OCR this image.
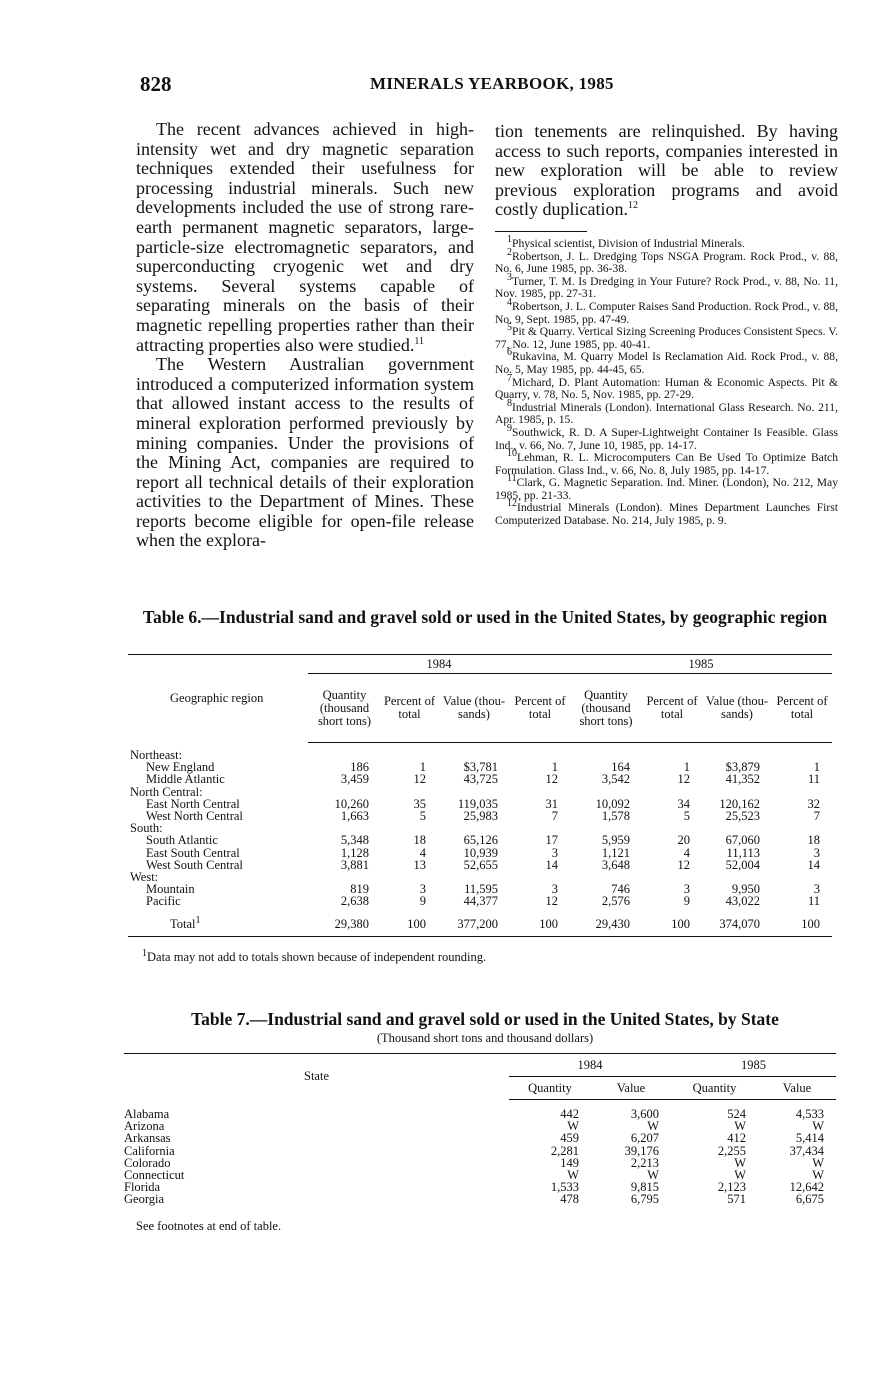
828	MINERALS YEARBOOK, 1985

The recent advances achieved in high-intensity wet and dry magnetic separation techniques extended their usefulness for processing industrial minerals. Such new developments included the use of strong rare-earth permanent magnetic separators, large-particle-size electromagnetic separators, and superconducting cryogenic wet and dry systems. Several systems capable of separating minerals on the basis of their magnetic repelling properties rather than their attracting properties also were studied.$^{11}$

The Western Australian government introduced a computerized information system that allowed instant access to the results of mineral exploration performed previously by mining companies. Under the provisions of the Mining Act, companies are required to report all technical details of their exploration activities to the Department of Mines. These reports become eligible for open-file release when the explora-

tion tenements are relinquished. By having access to such reports, companies interested in new exploration will be able to review previous exploration programs and avoid costly duplication.$^{12}$

$^1$Physical scientist, Division of Industrial Minerals.

$^2$Robertson, J. L. Dredging Tops NSGA Program. Rock Prod., v. 88, No. 6, June 1985, pp. 36-38.

$^3$Turner, T. M. Is Dredging in Your Future? Rock Prod., v. 88, No. 11, Nov. 1985, pp. 27-31.

$^4$Robertson, J. L. Computer Raises Sand Production. Rock Prod., v. 88, No. 9, Sept. 1985, pp. 47-49.

$^5$Pit & Quarry. Vertical Sizing Screening Produces Consistent Specs. V. 77, No. 12, June 1985, pp. 40-41.

$^6$Rukavina, M. Quarry Model Is Reclamation Aid. Rock Prod., v. 88, No. 5, May 1985, pp. 44-45, 65.

$^7$Michard, D. Plant Automation: Human & Economic Aspects. Pit & Quarry, v. 78, No. 5, Nov. 1985, pp. 27-29.

$^8$Industrial Minerals (London). International Glass Research. No. 211, Apr. 1985, p. 15.

$^9$Southwick, R. D. A Super-Lightweight Container Is Feasible. Glass Ind., v. 66, No. 7, June 10, 1985, pp. 14-17.

$^{10}$Lehman, R. L. Microcomputers Can Be Used To Optimize Batch Formulation. Glass Ind., v. 66, No. 8, July 1985, pp. 14-17.

$^{11}$Clark, G. Magnetic Separation. Ind. Miner. (London), No. 212, May 1985, pp. 21-33.

$^{12}$Industrial Minerals (London). Mines Department Launches First Computerized Database. No. 214, July 1985, p. 9.

Table 6.—Industrial sand and gravel sold or used in the United States, by geographic region
Geographic region	1984				1985			
	Quantity (thousand short tons)	Percent of total	Value (thou- sands)	Percent of total	Quantity (thousand short tons)	Percent of total	Value (thou- sands)	Percent of total

Northeast:								
New England	186	1	$3,781	1	164	1	$3,879	1
Middle Atlantic	3,459	12	43,725	12	3,542	12	41,352	11
North Central:								
East North Central	10,260	35	119,035	31	10,092	34	120,162	32
West North Central	1,663	5	25,983	7	1,578	5	25,523	7
South:								
South Atlantic	5,348	18	65,126	17	5,959	20	67,060	18
East South Central	1,128	4	10,939	3	1,121	4	11,113	3
West South Central	3,881	13	52,655	14	3,648	12	52,004	14
West:								
Mountain	819	3	11,595	3	746	3	9,950	3
Pacific	2,638	9	44,377	12	2,576	9	43,022	11

Total$^1$	29,380	100	377,200	100	29,430	100	374,070	100
$^1$Data may not add to totals shown because of independent rounding.
Table 7.—Industrial sand and gravel sold or used in the United States, by State
(Thousand short tons and thousand dollars)
State	1984		1985	
	Quantity	Value	Quantity	Value

Alabama	442	3,600	524	4,533
Arizona	W	W	W	W
Arkansas	459	6,207	412	5,414
California	2,281	39,176	2,255	37,434
Colorado	149	2,213	W	W
Connecticut	W	W	W	W
Florida	1,533	9,815	2,123	12,642
Georgia	478	6,795	571	6,675
See footnotes at end of table.
